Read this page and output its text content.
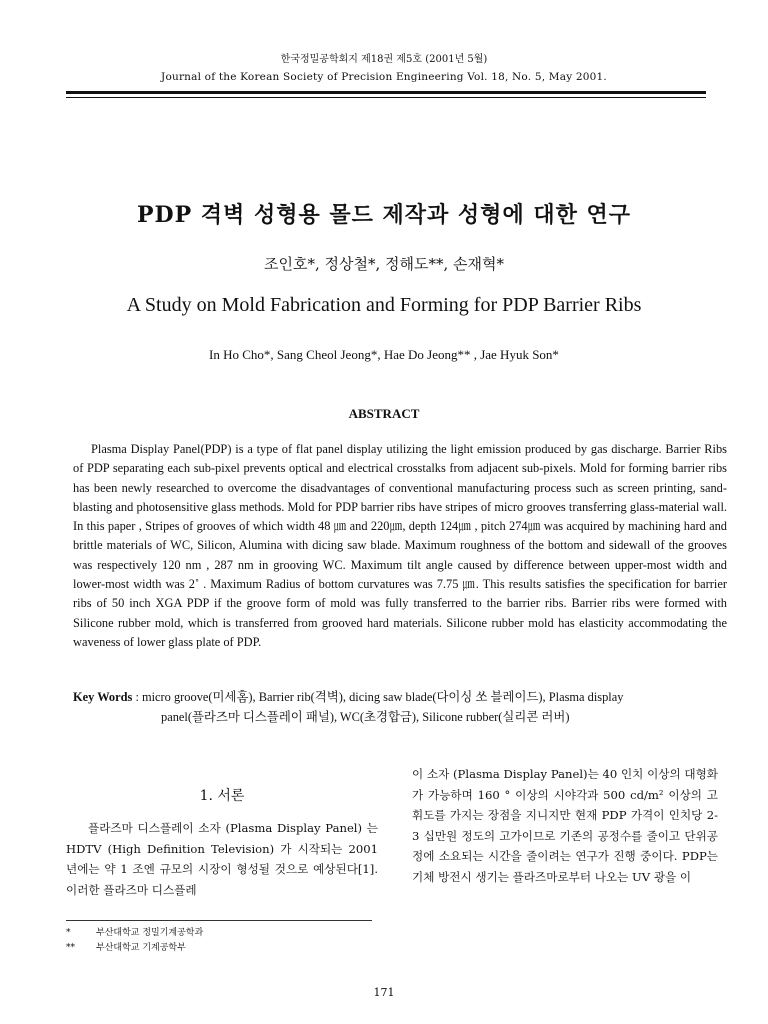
한국정밀공학회지 제18권 제5호 (2001년 5월)
Journal of the Korean Society of Precision Engineering Vol. 18, No. 5, May 2001.
PDP 격벽 성형용 몰드 제작과 성형에 대한 연구
조인호*, 정상철*, 정해도**, 손재혁*
A Study on Mold Fabrication and Forming for PDP Barrier Ribs
In Ho Cho*, Sang Cheol Jeong*, Hae Do Jeong** , Jae Hyuk Son*
ABSTRACT
Plasma Display Panel(PDP) is a type of flat panel display utilizing the light emission produced by gas discharge. Barrier Ribs of PDP separating each sub-pixel prevents optical and electrical crosstalks from adjacent sub-pixels. Mold for forming barrier ribs has been newly researched to overcome the disadvantages of conventional manufacturing process such as screen printing, sand-blasting and photosensitive glass methods. Mold for PDP barrier ribs have stripes of micro grooves transferring glass-material wall. In this paper , Stripes of grooves of which width 48 ㎛ and 220㎛, depth 124㎛ , pitch 274㎛ was acquired by machining hard and brittle materials of WC, Silicon, Alumina with dicing saw blade. Maximum roughness of the bottom and sidewall of the grooves was respectively 120 nm , 287 nm in grooving WC. Maximum tilt angle caused by difference between upper-most width and lower-most width was 2˚ . Maximum Radius of bottom curvatures was 7.75 ㎛. This results satisfies the specification for barrier ribs of 50 inch XGA PDP if the groove form of mold was fully transferred to the barrier ribs. Barrier ribs were formed with Silicone rubber mold, which is transferred from grooved hard materials. Silicone rubber mold has elasticity accommodating the waveness of lower glass plate of PDP.
Key Words : micro groove(미세홈), Barrier rib(격벽), dicing saw blade(다이싱 쏘 블레이드), Plasma display
panel(플라즈마 디스플레이 패널), WC(초경합금), Silicone rubber(실리콘 러버)
1. 서론
플라즈마 디스플레이 소자 (Plasma Display Panel) 는 HDTV (High Definition Television) 가 시작되는 2001 년에는 약 1 조엔 규모의 시장이 형성될 것으로 예상된다[1]. 이러한 플라즈마 디스플레
이 소자 (Plasma Display Panel)는 40 인치 이상의 대형화가 가능하며 160 ° 이상의 시야각과 500 cd/m² 이상의 고휘도를 가지는 장점을 지니지만 현재 PDP 가격이 인치당 2-3 십만원 정도의 고가이므로 기존의 공정수를 줄이고 단위공정에 소요되는 시간을 줄이려는 연구가 진행 중이다. PDP는 기체 방전시 생기는 플라즈마로부터 나오는 UV 광을 이
*	부산대학교 정밀기계공학과
** 부산대학교 기계공학부
171
